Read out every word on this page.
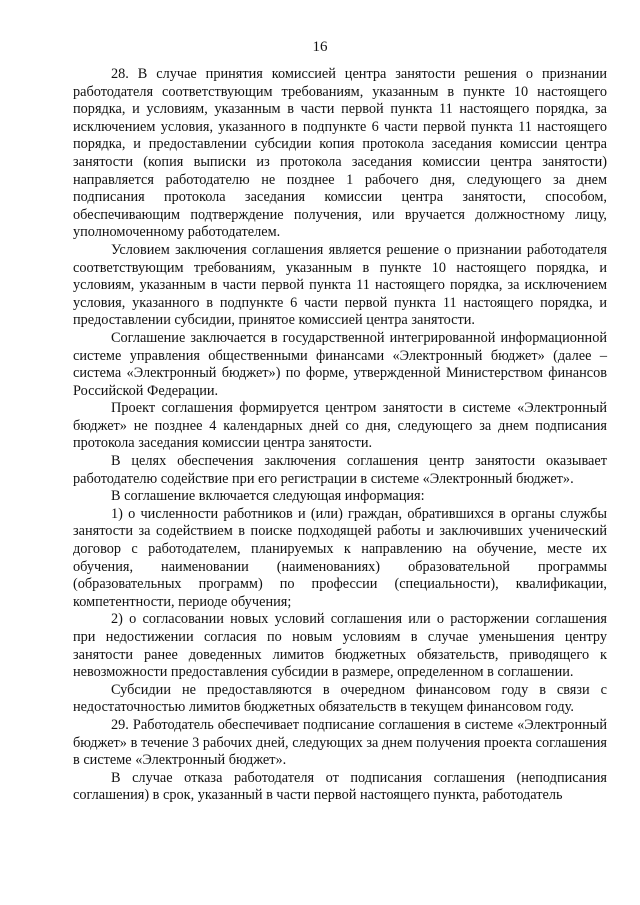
16

28. В случае принятия комиссией центра занятости решения о признании работодателя соответствующим требованиям, указанным в пункте 10 настоящего порядка, и условиям, указанным в части первой пункта 11 настоящего порядка, за исключением условия, указанного в подпункте 6 части первой пункта 11 настоящего порядка, и предоставлении субсидии копия протокола заседания комиссии центра занятости (копия выписки из протокола заседания комиссии центра занятости) направляется работодателю не позднее 1 рабочего дня, следующего за днем подписания протокола заседания комиссии центра занятости, способом, обеспечивающим подтверждение получения, или вручается должностному лицу, уполномоченному работодателем.

Условием заключения соглашения является решение о признании работодателя соответствующим требованиям, указанным в пункте 10 настоящего порядка, и условиям, указанным в части первой пункта 11 настоящего порядка, за исключением условия, указанного в подпункте 6 части первой пункта 11 настоящего порядка, и предоставлении субсидии, принятое комиссией центра занятости.

Соглашение заключается в государственной интегрированной информационной системе управления общественными финансами «Электронный бюджет» (далее – система «Электронный бюджет») по форме, утвержденной Министерством финансов Российской Федерации.

Проект соглашения формируется центром занятости в системе «Электронный бюджет» не позднее 4 календарных дней со дня, следующего за днем подписания протокола заседания комиссии центра занятости.

В целях обеспечения заключения соглашения центр занятости оказывает работодателю содействие при его регистрации в системе «Электронный бюджет».

В соглашение включается следующая информация:

1) о численности работников и (или) граждан, обратившихся в органы службы занятости за содействием в поиске подходящей работы и заключивших ученический договор с работодателем, планируемых к направлению на обучение, месте их обучения, наименовании (наименованиях) образовательной программы (образовательных программ) по профессии (специальности), квалификации, компетентности, периоде обучения;

2) о согласовании новых условий соглашения или о расторжении соглашения при недостижении согласия по новым условиям в случае уменьшения центру занятости ранее доведенных лимитов бюджетных обязательств, приводящего к невозможности предоставления субсидии в размере, определенном в соглашении.

Субсидии не предоставляются в очередном финансовом году в связи с недостаточностью лимитов бюджетных обязательств в текущем финансовом году.

29. Работодатель обеспечивает подписание соглашения в системе «Электронный бюджет» в течение 3 рабочих дней, следующих за днем получения проекта соглашения в системе «Электронный бюджет».

В случае отказа работодателя от подписания соглашения (неподписания соглашения) в срок, указанный в части первой настоящего пункта, работодатель
